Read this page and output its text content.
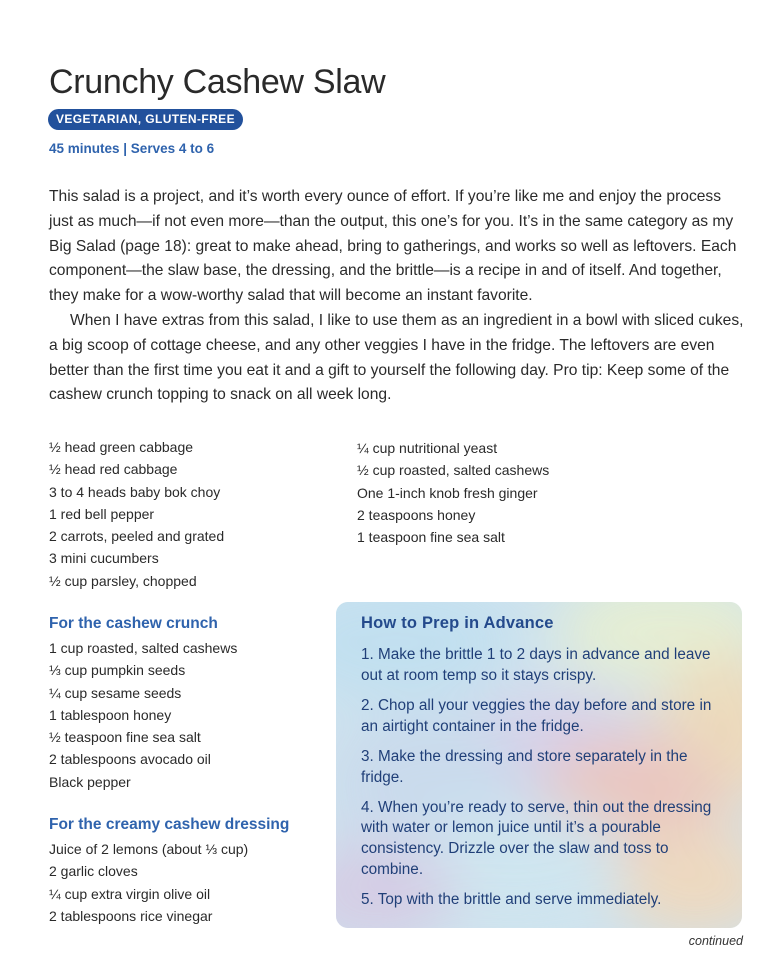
Crunchy Cashew Slaw
VEGETARIAN, GLUTEN-FREE
45 minutes | Serves 4 to 6

This salad is a project, and it’s worth every ounce of effort. If you’re like me and enjoy the process just as much—if not even more—than the output, this one’s for you. It’s in the same category as my Big Salad (page 18): great to make ahead, bring to gatherings, and works so well as leftovers. Each component—the slaw base, the dressing, and the brittle—is a recipe in and of itself. And together, they make for a wow-worthy salad that will become an instant favorite.

When I have extras from this salad, I like to use them as an ingredient in a bowl with sliced cukes, a big scoop of cottage cheese, and any other veggies I have in the fridge. The leftovers are even better than the first time you eat it and a gift to yourself the following day. Pro tip: Keep some of the cashew crunch topping to snack on all week long.

½ head green cabbage
½ head red cabbage
3 to 4 heads baby bok choy
1 red bell pepper
2 carrots, peeled and grated
3 mini cucumbers
½ cup parsley, chopped
For the cashew crunch
1 cup roasted, salted cashews
⅓ cup pumpkin seeds
¼ cup sesame seeds
1 tablespoon honey
½ teaspoon fine sea salt
2 tablespoons avocado oil
Black pepper
For the creamy cashew dressing
Juice of 2 lemons (about ⅓ cup)
2 garlic cloves
¼ cup extra virgin olive oil
2 tablespoons rice vinegar
¼ cup nutritional yeast
½ cup roasted, salted cashews
One 1-inch knob fresh ginger
2 teaspoons honey
1 teaspoon fine sea salt
How to Prep in Advance
1. Make the brittle 1 to 2 days in advance and leave out at room temp so it stays crispy.
2. Chop all your veggies the day before and store in an airtight container in the fridge.
3. Make the dressing and store separately in the fridge.
4. When you’re ready to serve, thin out the dressing with water or lemon juice until it’s a pourable consistency. Drizzle over the slaw and toss to combine.
5. Top with the brittle and serve immediately.
continued
